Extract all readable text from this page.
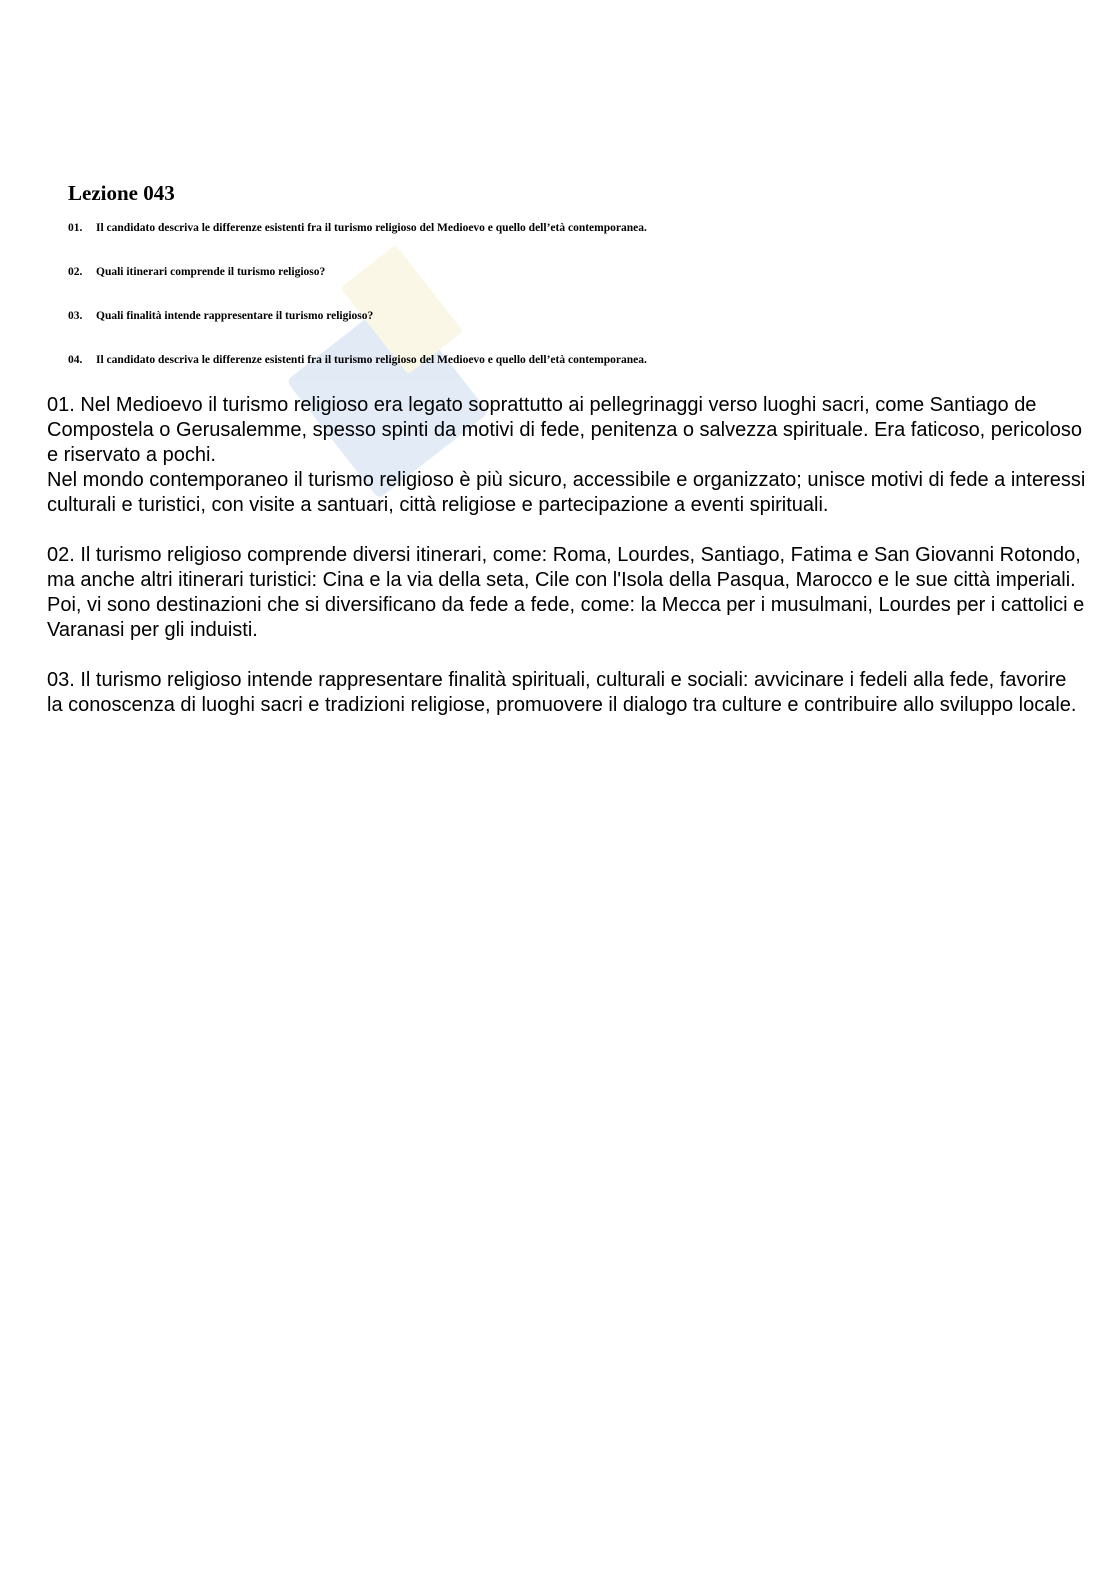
Lezione 043
01. Il candidato descriva le differenze esistenti fra il turismo religioso del Medioevo e quello dell’età contemporanea.
02. Quali itinerari comprende il turismo religioso?
03. Quali finalità intende rappresentare il turismo religioso?
04. Il candidato descriva le differenze esistenti fra il turismo religioso del Medioevo e quello dell’età contemporanea.

01. Nel Medioevo il turismo religioso era legato soprattutto ai pellegrinaggi verso luoghi sacri, come Santiago de Compostela o Gerusalemme, spesso spinti da motivi di fede, penitenza o salvezza spirituale. Era faticoso, pericoloso e riservato a pochi.

Nel mondo contemporaneo il turismo religioso è più sicuro, accessibile e organizzato; unisce motivi di fede a interessi culturali e turistici, con visite a santuari, città religiose e partecipazione a eventi spirituali.

02. Il turismo religioso comprende diversi itinerari, come: Roma, Lourdes, Santiago, Fatima e San Giovanni Rotondo, ma anche altri itinerari turistici: Cina e la via della seta, Cile con l'Isola della Pasqua, Marocco e le sue città imperiali. Poi, vi sono destinazioni che si diversificano da fede a fede, come: la Mecca per i musulmani, Lourdes per i cattolici e Varanasi per gli induisti.

03. Il turismo religioso intende rappresentare finalità spirituali, culturali e sociali: avvicinare i fedeli alla fede, favorire la conoscenza di luoghi sacri e tradizioni religiose, promuovere il dialogo tra culture e contribuire allo sviluppo locale.
